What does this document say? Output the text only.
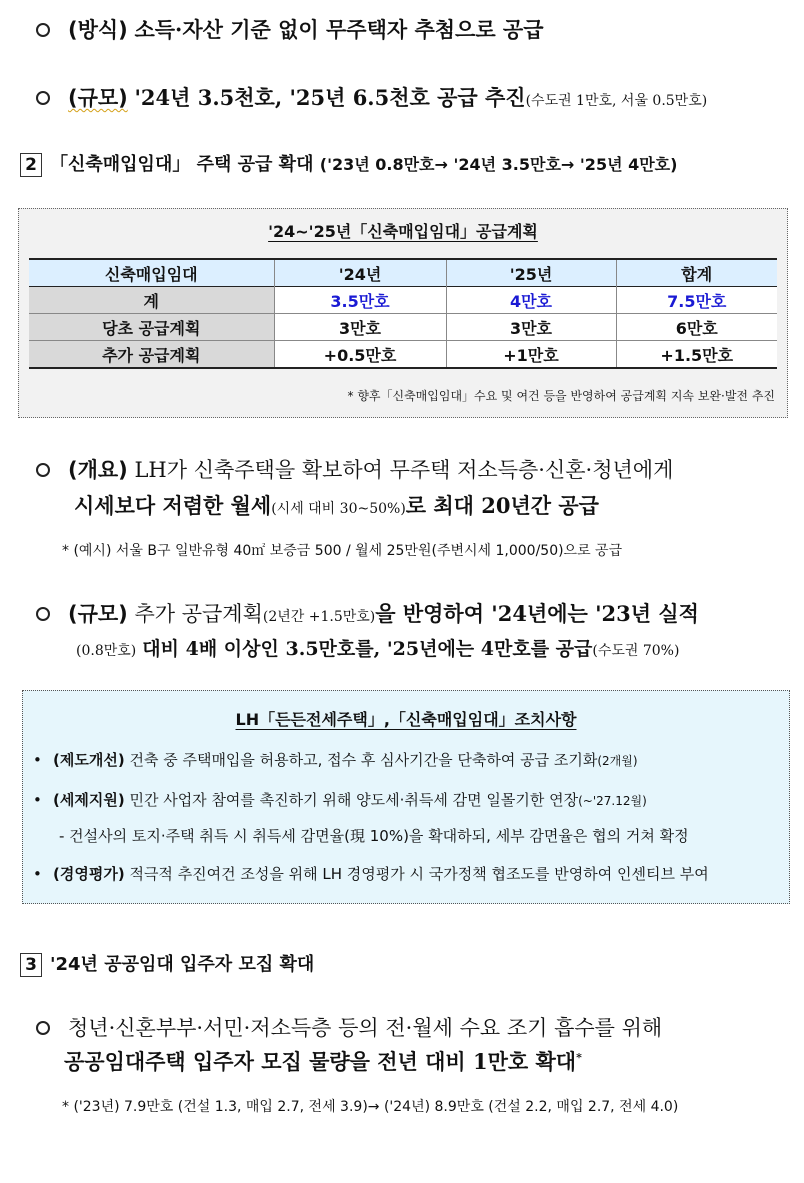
(방식) 소득·자산 기준 없이 무주택자 추첨으로 공급
(규모) '24년 3.5천호, '25년 6.5천호 공급 추진(수도권 1만호, 서울 0.5만호)
2 「신축매입임대」 주택 공급 확대 ('23년 0.8만호→ '24년 3.5만호→ '25년 4만호)
'24~'25년「신축매입임대」공급계획
신축매입임대	'24년	'25년	합계
계	3.5만호	4만호	7.5만호
당초 공급계획	3만호	3만호	6만호
추가 공급계획	+0.5만호	+1만호	+1.5만호
* 향후「신축매입임대」수요 및 여건 등을 반영하여 공급계획 지속 보완·발전 추진
(개요) LH가 신축주택을 확보하여 무주택 저소득층·신혼·청년에게
시세보다 저렴한 월세(시세 대비 30~50%)로 최대 20년간 공급
* (예시) 서울 B구 일반유형 40㎡ 보증금 500 / 월세 25만원(주변시세 1,000/50)으로 공급
(규모) 추가 공급계획(2년간 +1.5만호)을 반영하여 '24년에는 '23년 실적
(0.8만호) 대비 4배 이상인 3.5만호를, '25년에는 4만호를 공급(수도권 70%)
LH「든든전세주택」,「신축매입임대」조치사항
• (제도개선) 건축 중 주택매입을 허용하고, 접수 후 심사기간을 단축하여 공급 조기화(2개월)
• (세제지원) 민간 사업자 참여를 촉진하기 위해 양도세·취득세 감면 일몰기한 연장(~'27.12월)
- 건설사의 토지·주택 취득 시 취득세 감면율(現 10%)을 확대하되, 세부 감면율은 협의 거쳐 확정
• (경영평가) 적극적 추진여건 조성을 위해 LH 경영평가 시 국가정책 협조도를 반영하여 인센티브 부여
3 '24년 공공임대 입주자 모집 확대
청년·신혼부부·서민·저소득층 등의 전·월세 수요 조기 흡수를 위해
공공임대주택 입주자 모집 물량을 전년 대비 1만호 확대*
* ('23년) 7.9만호 (건설 1.3, 매입 2.7, 전세 3.9)→ ('24년) 8.9만호 (건설 2.2, 매입 2.7, 전세 4.0)
